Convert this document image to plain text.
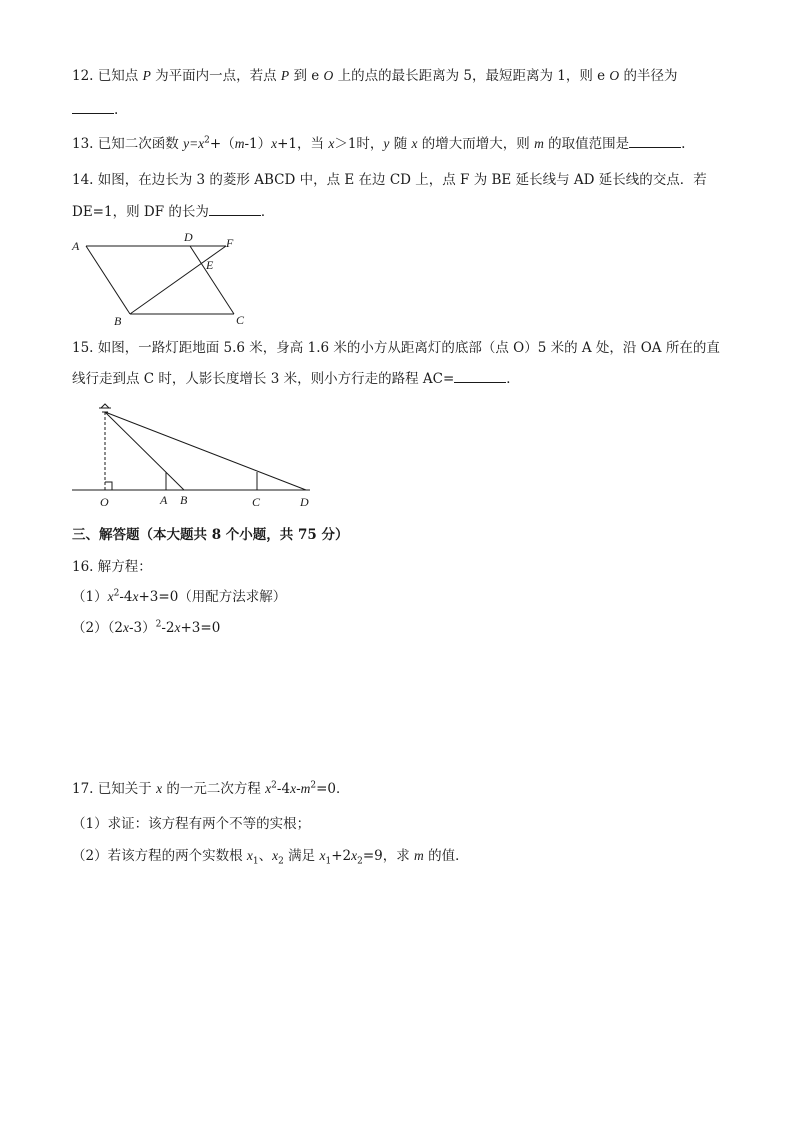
12. 已知点 P 为平面内一点，若点 P 到 e O 上的点的最长距离为 5，最短距离为 1，则 e O 的半径为
.
13. 已知二次函数 $y=x^2+(m-1)x+1$，当 x＞1时，y 随 x 的增大而增大，则 m 的取值范围是	.
14. 如图，在边长为 3 的菱形 ABCD 中，点 E 在边 CD 上，点 F 为 BE 延长线与 AD 延长线的交点．若
DE=1，则 DF 的长为	．
A
D	F
E
B	C
15. 如图，一路灯距地面 5.6 米，身高 1.6 米的小方从距离灯的底部（点 O）5 米的 A 处，沿 OA 所在的直
线行走到点 C 时，人影长度增长 3 米，则小方行走的路程 AC=	．
O	A B	C	D
三、解答题（本大题共 8 个小题，共 75 分）
16. 解方程：
$(1)x^2-4x+3=0$（用配方法求解）
$(2)(2x-3)^2-2x+3=0$
17. 已知关于 x 的一元二次方程 $x^2-4x-m^2=0$．
（1）求证：该方程有两个不等的实根；
（2）若该方程的两个实数根 $x_1$、$x_2$ 满足 $x_1+2x_2=9$，求 m 的值．
